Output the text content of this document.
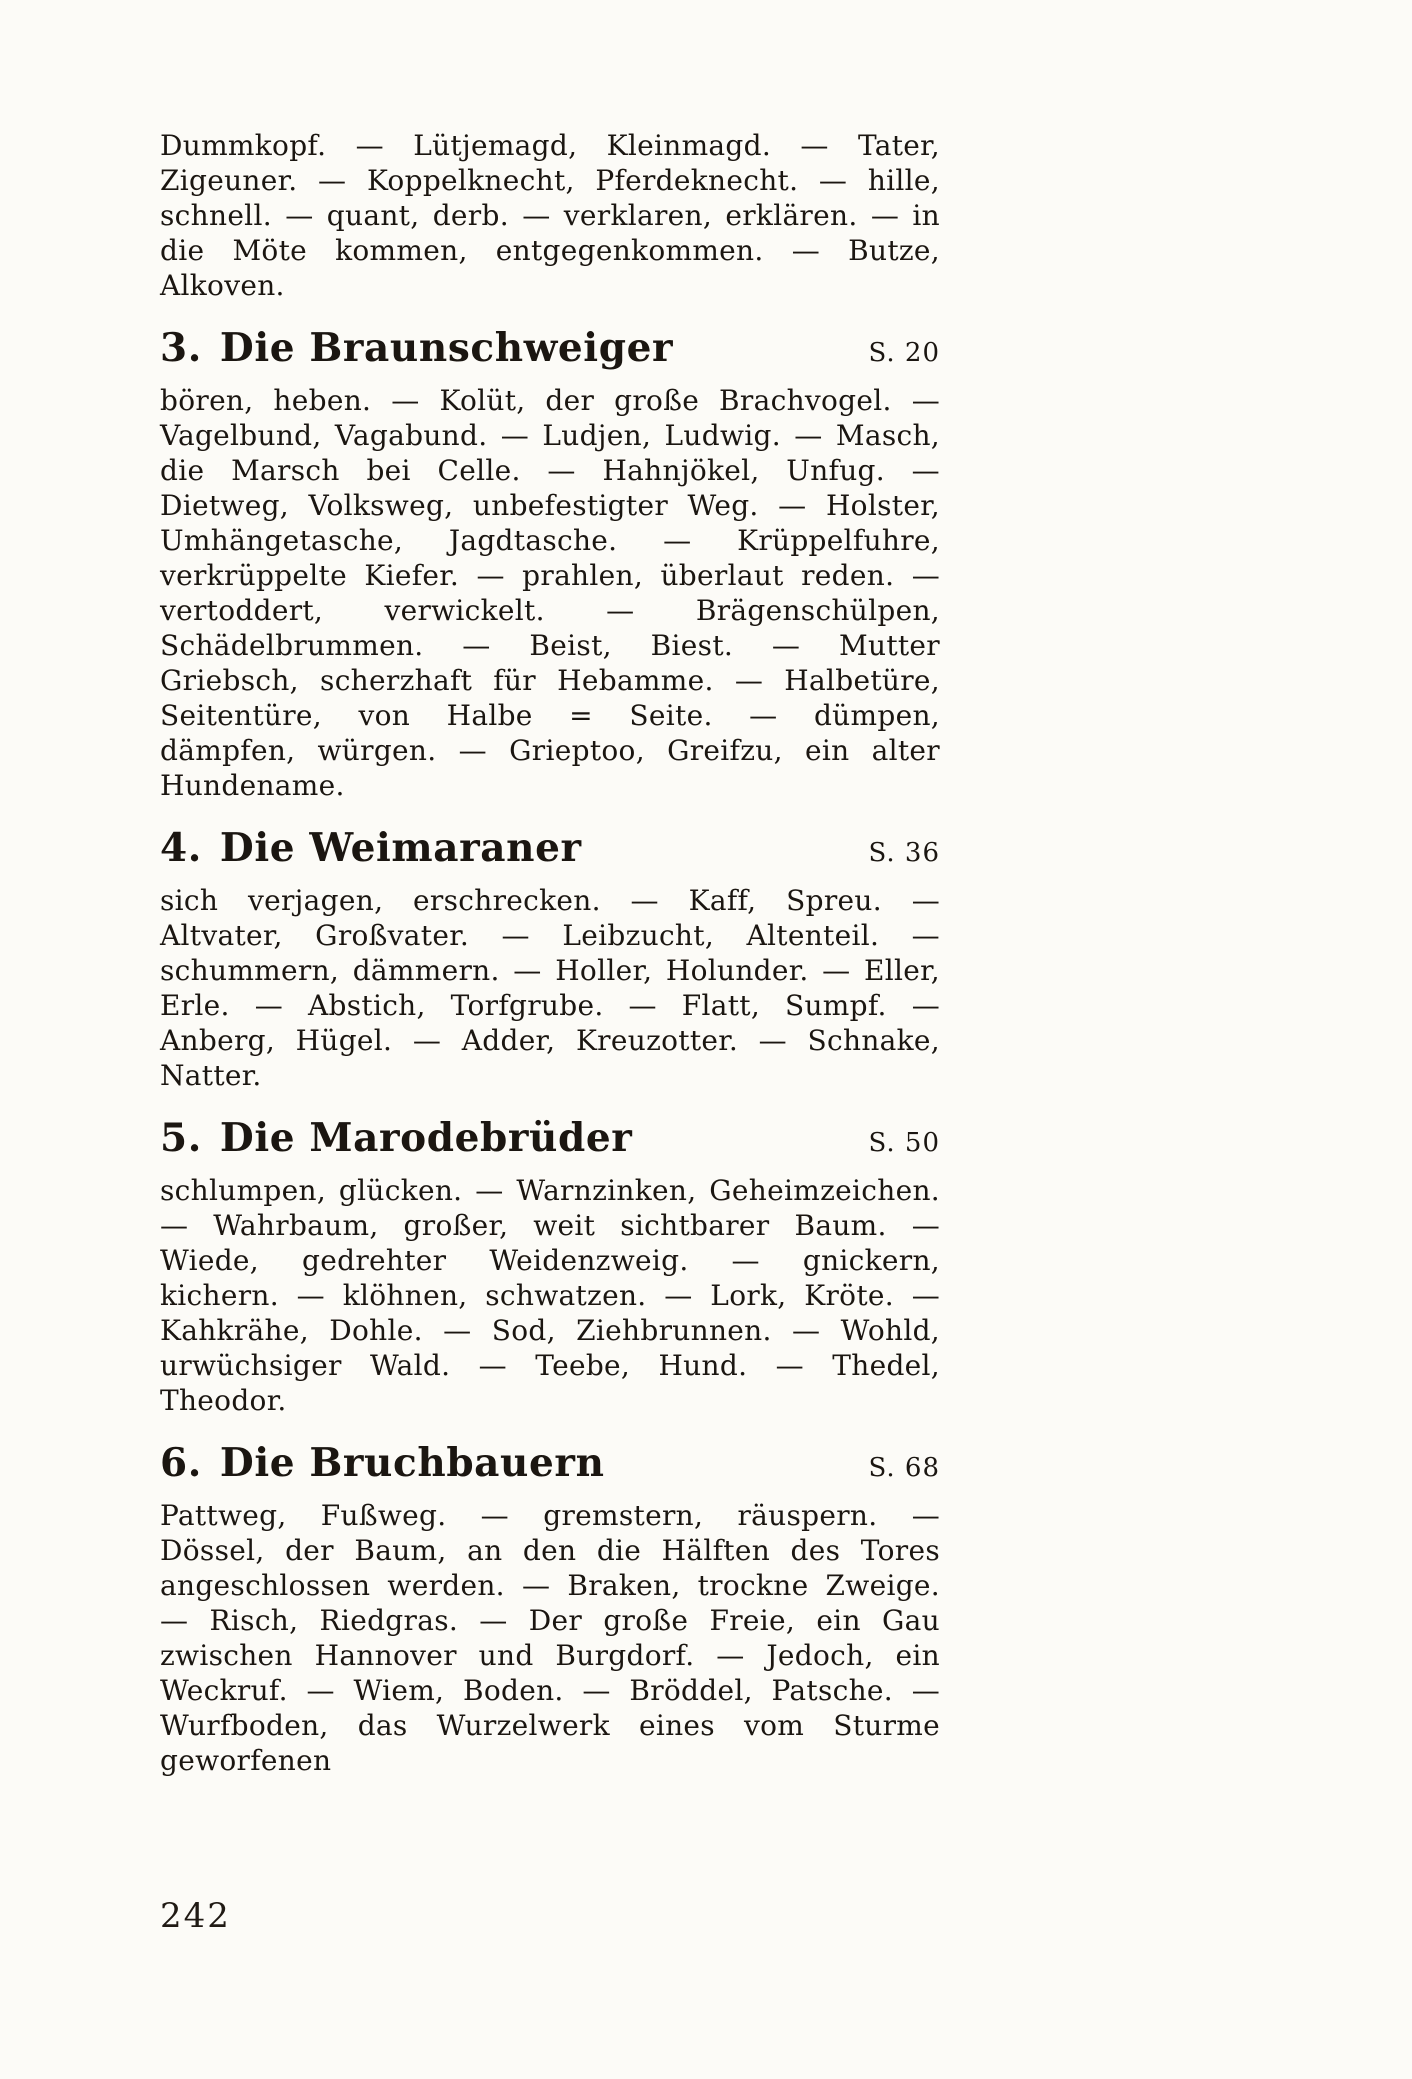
Dummkopf. — Lütjemagd, Kleinmagd. — Tater, Zigeuner. — Koppelknecht, Pferdeknecht. — hille, schnell. — quant, derb. — verklaren, erklären. — in die Möte kommen, entgegenkommen. — Butze, Alkoven.

3. Die Braunschweiger	S. 20

bören, heben. — Kolüt, der große Brachvogel. — Vagelbund, Vagabund. — Ludjen, Ludwig. — Masch, die Marsch bei Celle. — Hahnjökel, Unfug. — Dietweg, Volksweg, unbefestigter Weg. — Holster, Umhängetasche, Jagdtasche. — Krüppelfuhre, verkrüppelte Kiefer. — prahlen, überlaut reden. — vertoddert, verwickelt. — Brägenschülpen, Schädelbrummen. — Beist, Biest. — Mutter Griebsch, scherzhaft für Hebamme. — Halbetüre, Seitentüre, von Halbe = Seite. — dümpen, dämpfen, würgen. — Grieptoo, Greifzu, ein alter Hundename.

4. Die Weimaraner	S. 36

sich verjagen, erschrecken. — Kaff, Spreu. — Altvater, Großvater. — Leibzucht, Altenteil. — schummern, dämmern. — Holler, Holunder. — Eller, Erle. — Abstich, Torfgrube. — Flatt, Sumpf. — Anberg, Hügel. — Adder, Kreuzotter. — Schnake, Natter.

5. Die Marodebrüder	S. 50

schlumpen, glücken. — Warnzinken, Geheimzeichen. — Wahrbaum, großer, weit sichtbarer Baum. — Wiede, gedrehter Weidenzweig. — gnickern, kichern. — klöhnen, schwatzen. — Lork, Kröte. — Kahkrähe, Dohle. — Sod, Ziehbrunnen. — Wohld, urwüchsiger Wald. — Teebe, Hund. — Thedel, Theodor.

6. Die Bruchbauern	S. 68

Pattweg, Fußweg. — gremstern, räuspern. — Dössel, der Baum, an den die Hälften des Tores angeschlossen werden. — Braken, trockne Zweige. — Risch, Riedgras. — Der große Freie, ein Gau zwischen Hannover und Burgdorf. — Jedoch, ein Weckruf. — Wiem, Boden. — Bröddel, Patsche. — Wurfboden, das Wurzelwerk eines vom Sturme geworfenen

242
